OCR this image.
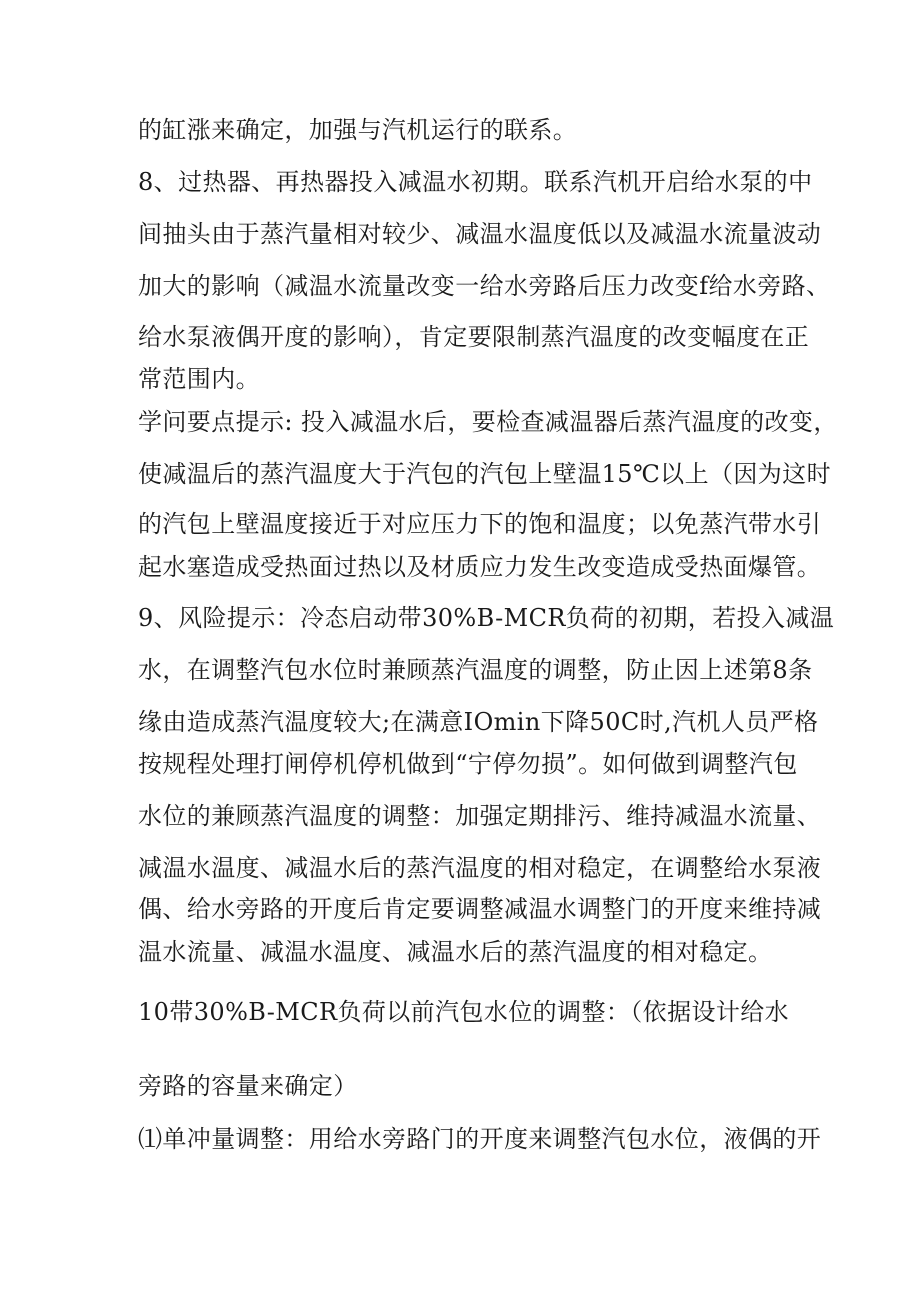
的缸涨来确定，加强与汽机运行的联系。
8、过热器、再热器投入减温水初期。联系汽机开启给水泵的中
间抽头由于蒸汽量相对较少、减温水温度低以及减温水流量波动
加大的影响（减温水流量改变一给水旁路后压力改变f给水旁路、
给水泵液偶开度的影响），肯定要限制蒸汽温度的改变幅度在正
常范围内。
学问要点提示: 投入减温水后，要检查减温器后蒸汽温度的改变，
使减温后的蒸汽温度大于汽包的汽包上壁温15℃以上（因为这时
的汽包上壁温度接近于对应压力下的饱和温度；以免蒸汽带水引
起水塞造成受热面过热以及材质应力发生改变造成受热面爆管。
9、风险提示：冷态启动带30%B-MCR负荷的初期，若投入减温
水，在调整汽包水位时兼顾蒸汽温度的调整，防止因上述第8条
缘由造成蒸汽温度较大;在满意IOmin下降50C时,汽机人员严格
按规程处理打闸停机停机做到“宁停勿损”。如何做到调整汽包
水位的兼顾蒸汽温度的调整：加强定期排污、维持减温水流量、
减温水温度、减温水后的蒸汽温度的相对稳定，在调整给水泵液
偶、给水旁路的开度后肯定要调整减温水调整门的开度来维持减
温水流量、减温水温度、减温水后的蒸汽温度的相对稳定。
10带30%B-MCR负荷以前汽包水位的调整：（依据设计给水
旁路的容量来确定）
⑴单冲量调整：用给水旁路门的开度来调整汽包水位，液偶的开
